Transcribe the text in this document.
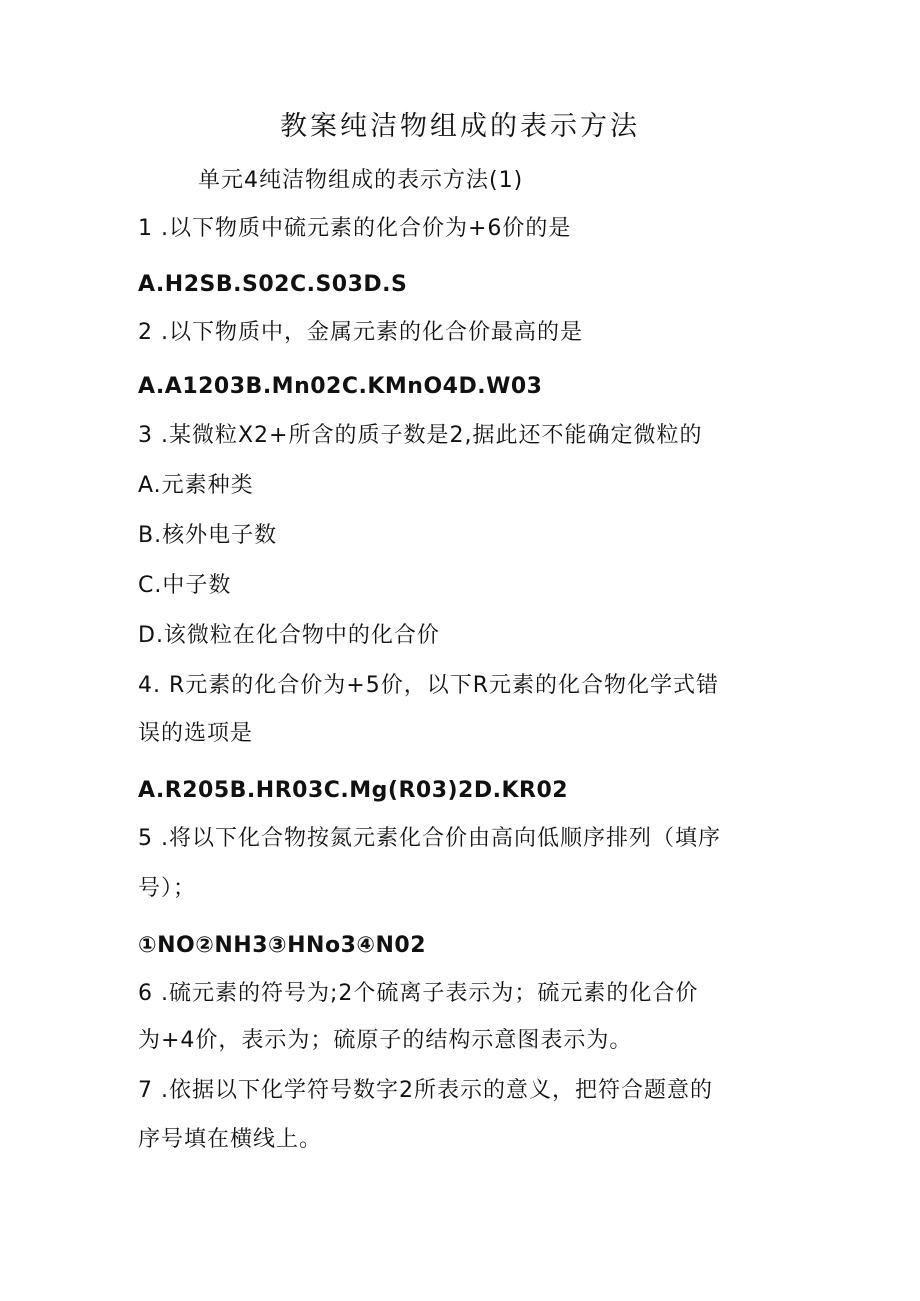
教案纯洁物组成的表示方法
单元4纯洁物组成的表示方法(1)
1 .以下物质中硫元素的化合价为+6价的是
A.H2SB.S02C.S03D.S
2 .以下物质中，金属元素的化合价最高的是
A.A1203B.Mn02C.KMnO4D.W03
3 .某微粒X2+所含的质子数是2,据此还不能确定微粒的
A.元素种类
B.核外电子数
C.中子数
D.该微粒在化合物中的化合价
4. R元素的化合价为+5价，以下R元素的化合物化学式错
误的选项是
A.R205B.HR03C.Mg(R03)2D.KR02
5 .将以下化合物按氮元素化合价由高向低顺序排列（填序
号）；
①NO②NH3③HNo3④N02
6 .硫元素的符号为;2个硫离子表示为；硫元素的化合价
为+4价，表示为；硫原子的结构示意图表示为。
7 .依据以下化学符号数字2所表示的意义，把符合题意的
序号填在横线上。
